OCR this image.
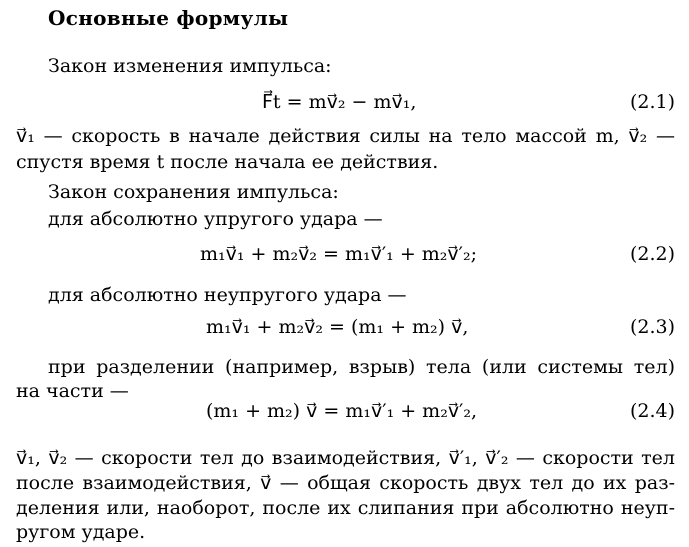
Основные формулы
Закон изменения импульса:
F⃗t = mv⃗₂ − mv⃗₁,	(2.1)
v⃗₁ — скорость в начале действия силы на тело массой m, v⃗₂ —
спустя время t после начала ее действия.
Закон сохранения импульса:
для абсолютно упругого удара —
m₁v⃗₁ + m₂v⃗₂ = m₁v⃗′₁ + m₂v⃗′₂;	(2.2)
для абсолютно неупругого удара —
m₁v⃗₁ + m₂v⃗₂ = (m₁ + m₂) v⃗,	(2.3)
при разделении (например, взрыв) тела (или системы тел)
на части —
(m₁ + m₂) v⃗ = m₁v⃗′₁ + m₂v⃗′₂,	(2.4)
v⃗₁, v⃗₂ — скорости тел до взаимодействия, v⃗′₁, v⃗′₂ — скорости тел
после взаимодействия, v⃗ — общая скорость двух тел до их раз-
деления или, наоборот, после их слипания при абсолютно неуп-
ругом ударе.
